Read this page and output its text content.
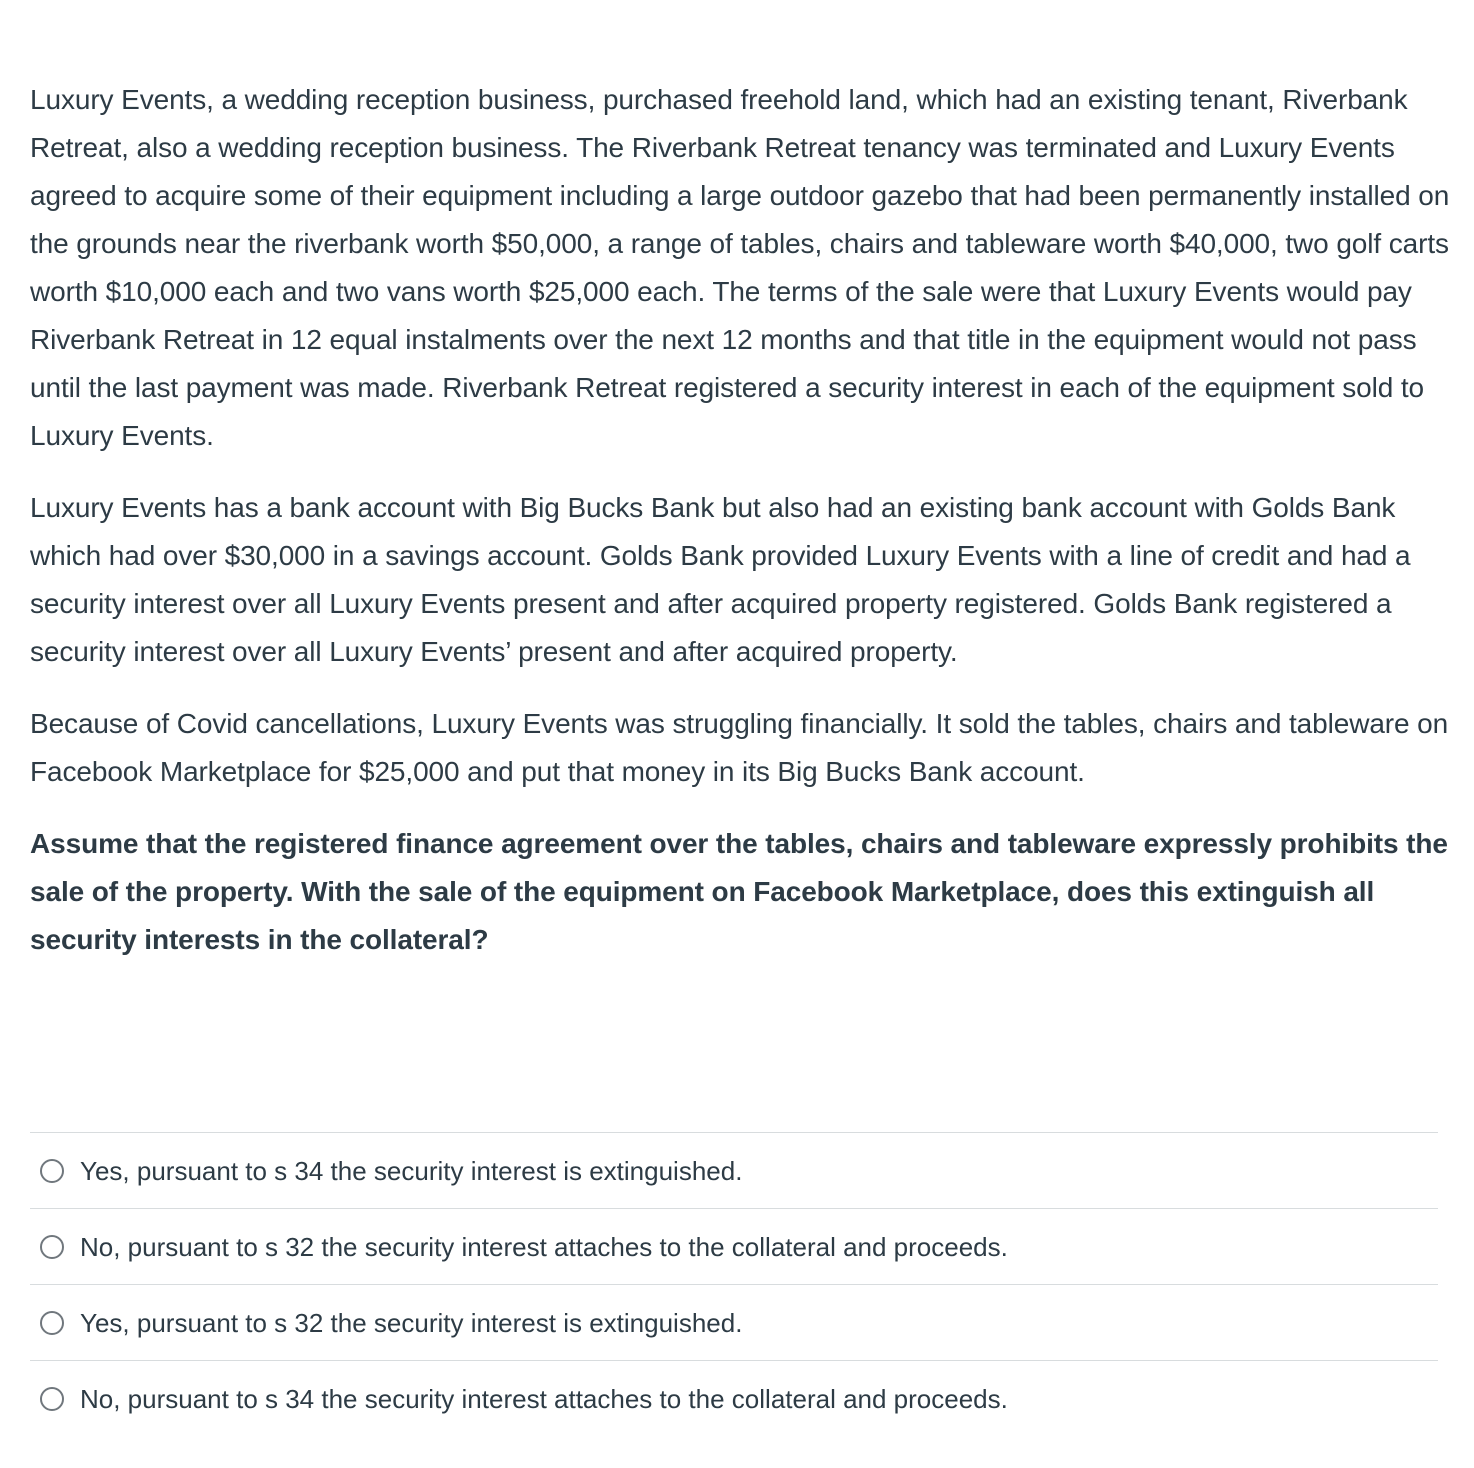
Luxury Events, a wedding reception business, purchased freehold land, which had an existing tenant, Riverbank Retreat, also a wedding reception business. The Riverbank Retreat tenancy was terminated and Luxury Events agreed to acquire some of their equipment including a large outdoor gazebo that had been permanently installed on the grounds near the riverbank worth $50,000, a range of tables, chairs and tableware worth $40,000, two golf carts worth $10,000 each and two vans worth $25,000 each. The terms of the sale were that Luxury Events would pay Riverbank Retreat in 12 equal instalments over the next 12 months and that title in the equipment would not pass until the last payment was made. Riverbank Retreat registered a security interest in each of the equipment sold to Luxury Events.

Luxury Events has a bank account with Big Bucks Bank but also had an existing bank account with Golds Bank which had over $30,000 in a savings account. Golds Bank provided Luxury Events with a line of credit and had a security interest over all Luxury Events present and after acquired property registered. Golds Bank registered a security interest over all Luxury Events’ present and after acquired property.

Because of Covid cancellations, Luxury Events was struggling financially. It sold the tables, chairs and tableware on Facebook Marketplace for $25,000 and put that money in its Big Bucks Bank account.

Assume that the registered finance agreement over the tables, chairs and tableware expressly prohibits the sale of the property. With the sale of the equipment on Facebook Marketplace, does this extinguish all security interests in the collateral?

Yes, pursuant to s 34 the security interest is extinguished.
No, pursuant to s 32 the security interest attaches to the collateral and proceeds.
Yes, pursuant to s 32 the security interest is extinguished.
No, pursuant to s 34 the security interest attaches to the collateral and proceeds.
